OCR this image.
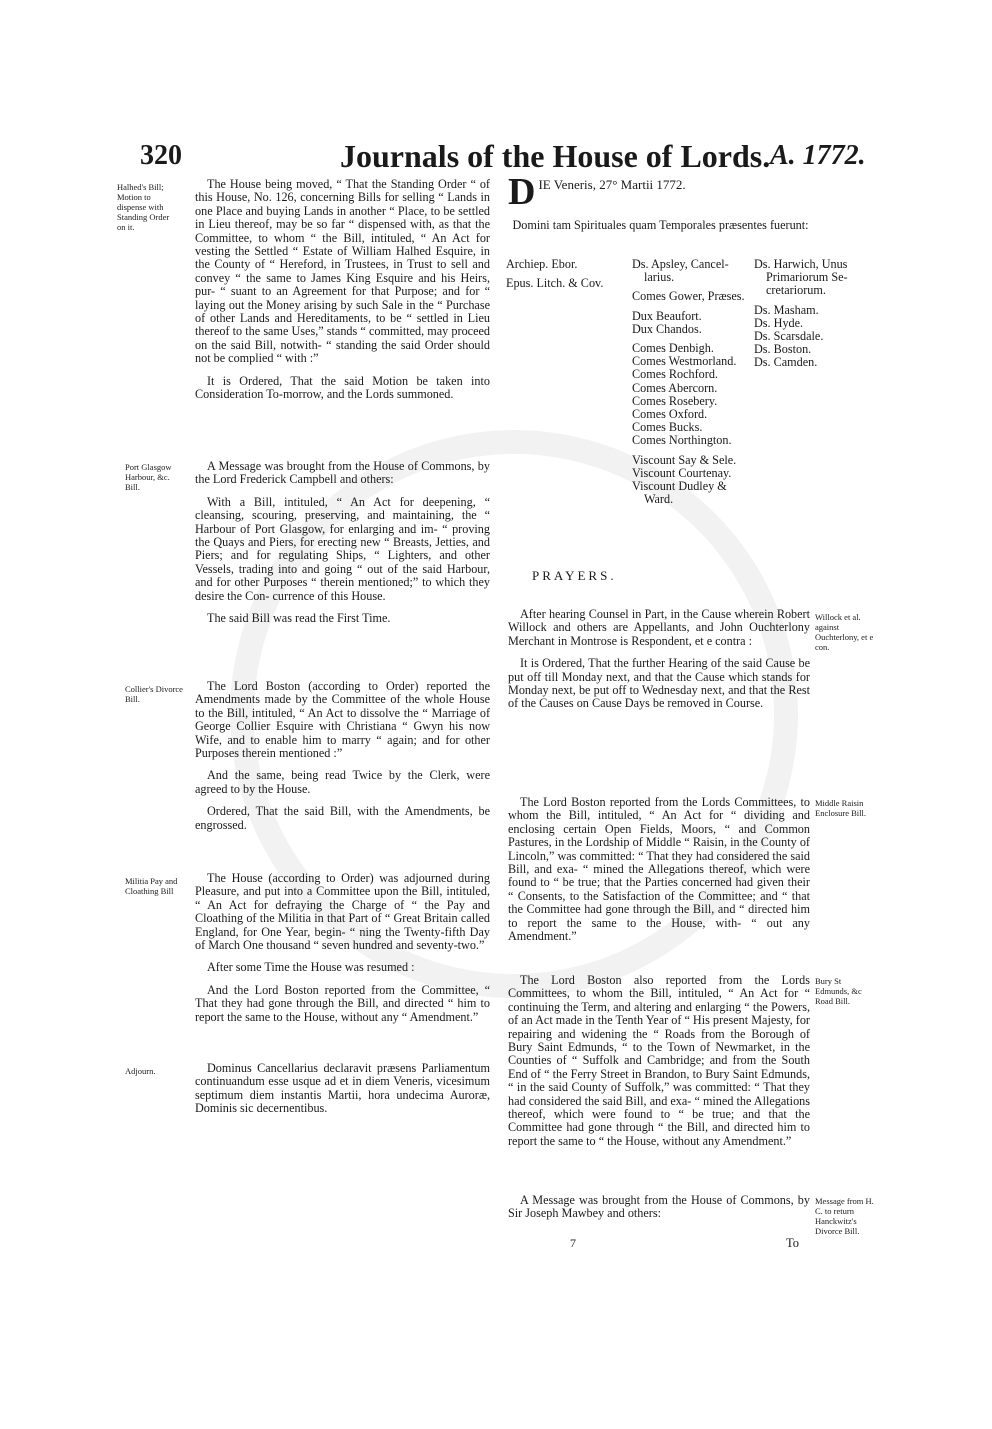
320	Journals of the House of Lords. A. 1772.
Halhed's Bill; Motion to dispense with Standing Order on it.
Port Glasgow Harbour, &c. Bill.
Collier's Divorce Bill.
Militia Pay and Cloathing Bill
Adjourn.

The House being moved, “ That the Standing Order “ of this House, No. 126, concerning Bills for selling “ Lands in one Place and buying Lands in another “ Place, to be settled in Lieu thereof, may be so far “ dispensed with, as that the Committee, to whom “ the Bill, intituled, “ An Act for vesting the Settled “ Estate of William Halhed Esquire, in the County of “ Hereford, in Trustees, in Trust to sell and convey “ the same to James King Esquire and his Heirs, pur- “ suant to an Agreement for that Purpose; and for “ laying out the Money arising by such Sale in the “ Purchase of other Lands and Hereditaments, to be “ settled in Lieu thereof to the same Uses,” stands “ committed, may proceed on the said Bill, notwith- “ standing the said Order should not be complied “ with :”

It is Ordered, That the said Motion be taken into Consideration To-morrow, and the Lords summoned.

A Message was brought from the House of Commons, by the Lord Frederick Campbell and others:

With a Bill, intituled, “ An Act for deepening, “ cleansing, scouring, preserving, and maintaining, the “ Harbour of Port Glasgow, for enlarging and im- “ proving the Quays and Piers, for erecting new “ Breasts, Jetties, and Piers; and for regulating Ships, “ Lighters, and other Vessels, trading into and going “ out of the said Harbour, and for other Purposes “ therein mentioned;” to which they desire the Con- currence of this House.

The said Bill was read the First Time.

The Lord Boston (according to Order) reported the Amendments made by the Committee of the whole House to the Bill, intituled, “ An Act to dissolve the “ Marriage of George Collier Esquire with Christiana “ Gwyn his now Wife, and to enable him to marry “ again; and for other Purposes therein mentioned :”

And the same, being read Twice by the Clerk, were agreed to by the House.

Ordered, That the said Bill, with the Amendments, be engrossed.

The House (according to Order) was adjourned during Pleasure, and put into a Committee upon the Bill, intituled, “ An Act for defraying the Charge of “ the Pay and Cloathing of the Militia in that Part of “ Great Britain called England, for One Year, begin- “ ning the Twenty-fifth Day of March One thousand “ seven hundred and seventy-two.”

After some Time the House was resumed :

And the Lord Boston reported from the Committee, “ That they had gone through the Bill, and directed “ him to report the same to the House, without any “ Amendment.”

Dominus Cancellarius declaravit præsens Parliamentum continuandum esse usque ad et in diem Veneris, vicesimum septimum diem instantis Martii, hora undecima Auroræ, Dominis sic decernentibus.

D IE Veneris, 27° Martii 1772.
Domini tam Spirituales quam Temporales præsentes fuerunt:
Archiep. Ebor.
Epus. Litch. & Cov.
Ds. Apsley, Cancel-
larius.
Comes Gower, Præses.
Dux Beaufort.
Dux Chandos.
Comes Denbigh.
Comes Westmorland.
Comes Rochford.
Comes Abercorn.
Comes Rosebery.
Comes Oxford.
Comes Bucks.
Comes Northington.
Viscount Say & Sele.
Viscount Courtenay.
Viscount Dudley &
Ward.
Ds. Harwich, Unus
Primariorum Se-
cretariorum.
Ds. Masham.
Ds. Hyde.
Ds. Scarsdale.
Ds. Boston.
Ds. Camden.
PRAYERS.

After hearing Counsel in Part, in the Cause wherein Robert Willock and others are Appellants, and John Ouchterlony Merchant in Montrose is Respondent, et e contra :

It is Ordered, That the further Hearing of the said Cause be put off till Monday next, and that the Cause which stands for Monday next, be put off to Wednesday next, and that the Rest of the Causes on Cause Days be removed in Course.

The Lord Boston reported from the Lords Committees, to whom the Bill, intituled, “ An Act for “ dividing and enclosing certain Open Fields, Moors, “ and Common Pastures, in the Lordship of Middle “ Raisin, in the County of Lincoln,” was committed: “ That they had considered the said Bill, and exa- “ mined the Allegations thereof, which were found to “ be true; that the Parties concerned had given their “ Consents, to the Satisfaction of the Committee; and “ that the Committee had gone through the Bill, and “ directed him to report the same to the House, with- “ out any Amendment.”

The Lord Boston also reported from the Lords Committees, to whom the Bill, intituled, “ An Act for “ continuing the Term, and altering and enlarging “ the Powers, of an Act made in the Tenth Year of “ His present Majesty, for repairing and widening the “ Roads from the Borough of Bury Saint Edmunds, “ to the Town of Newmarket, in the Counties of “ Suffolk and Cambridge; and from the South End of “ the Ferry Street in Brandon, to Bury Saint Edmunds, “ in the said County of Suffolk,” was committed: “ That they had considered the said Bill, and exa- “ mined the Allegations thereof, which were found to “ be true; and that the Committee had gone through “ the Bill, and directed him to report the same to “ the House, without any Amendment.”

A Message was brought from the House of Commons, by Sir Joseph Mawbey and others:

Willock et al. against Ouchterlony, et e con.
Middle Raisin Enclosure Bill.
Bury St Edmunds, &c Road Bill.
Message from H. C. to return Hanckwitz's Divorce Bill.
7	To
